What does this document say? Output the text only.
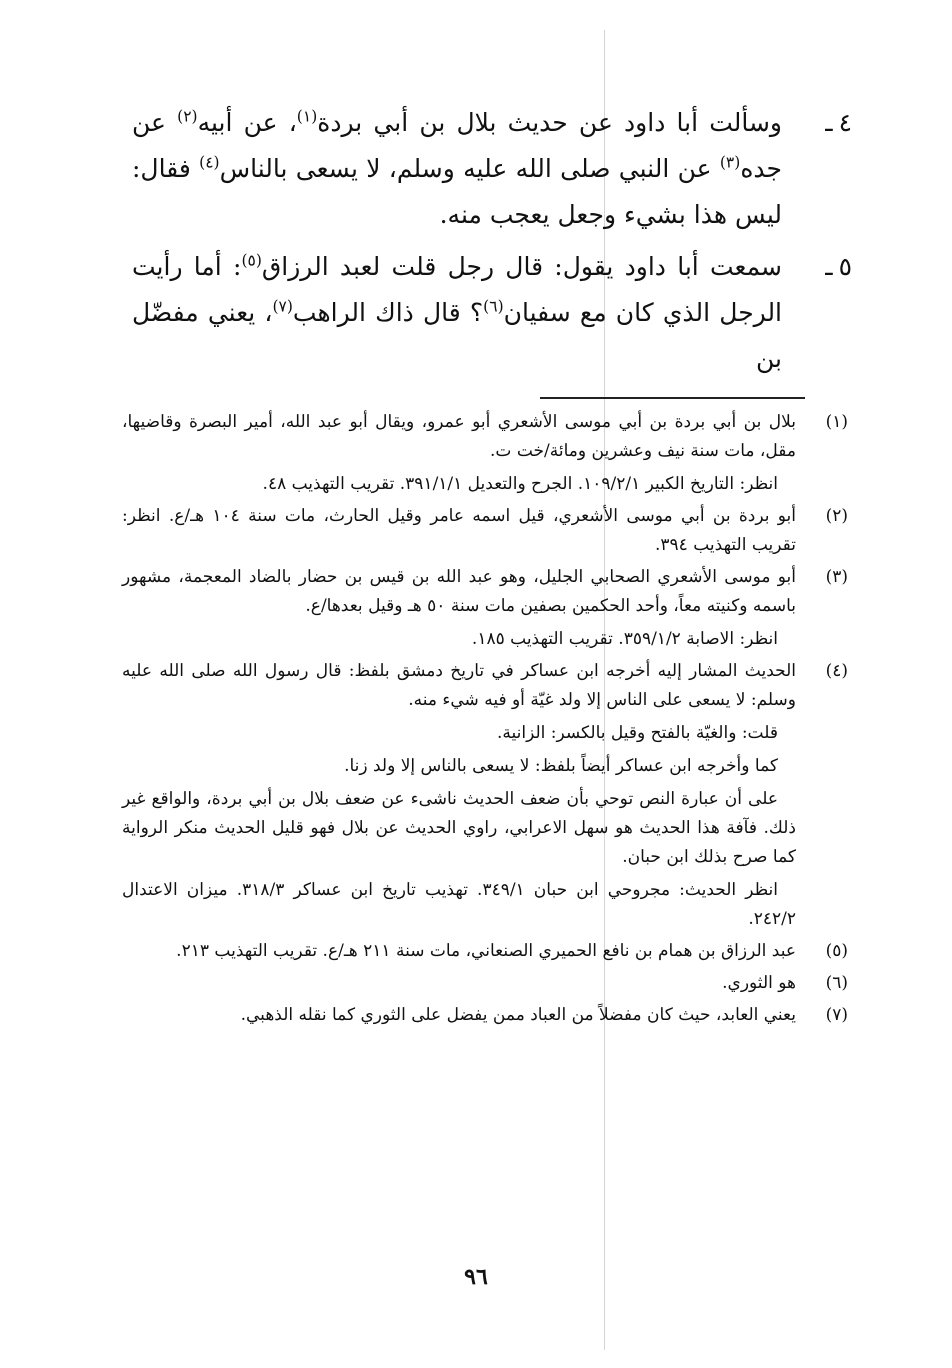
٤ـ
وسألت أبا داود عن حديث بلال بن أبي بردة$^{(١)}$، عن أبيه$^{(٢)}$ عن جده$^{(٣)}$ عن النبي صلى الله عليه وسلم، لا يسعى بالناس$^{(٤)}$ فقال: ليس هذا بشيء وجعل يعجب منه.
٥ـ
سمعت أبا داود يقول: قال رجل قلت لعبد الرزاق$^{(٥)}$: أما رأيت الرجل الذي كان مع سفيان$^{(٦)}$؟ قال ذاك الراهب$^{(٧)}$، يعني مفضّل بن
(١)

بلال بن أبي بردة بن أبي موسى الأشعري أبو عمرو، ويقال أبو عبد الله، أمير البصرة وقاضيها، مقل، مات سنة نيف وعشرين ومائة/خت ت.

انظر: التاريخ الكبير ١٠٩/٢/١. الجرح والتعديل ٣٩١/١/١. تقريب التهذيب ٤٨.

(٢)

أبو بردة بن أبي موسى الأشعري، قيل اسمه عامر وقيل الحارث، مات سنة ١٠٤ هـ/ع. انظر: تقريب التهذيب ٣٩٤.

(٣)

أبو موسى الأشعري الصحابي الجليل، وهو عبد الله بن قيس بن حضار بالضاد المعجمة، مشهور باسمه وكنيته معاً، وأحد الحكمين بصفين مات سنة ٥٠ هـ وقيل بعدها/ع.

انظر: الاصابة ٣٥٩/١/٢. تقريب التهذيب ١٨٥.

(٤)

الحديث المشار إليه أخرجه ابن عساكر في تاريخ دمشق بلفظ: قال رسول الله صلى الله عليه وسلم: لا يسعى على الناس إلا ولد غيّة أو فيه شيء منه.

قلت: والغيّة بالفتح وقيل بالكسر: الزانية.

كما وأخرجه ابن عساكر أيضاً بلفظ: لا يسعى بالناس إلا ولد زنا.

على أن عبارة النص توحي بأن ضعف الحديث ناشىء عن ضعف بلال بن أبي بردة، والواقع غير ذلك. فآفة هذا الحديث هو سهل الاعرابي، راوي الحديث عن بلال فهو قليل الحديث منكر الرواية كما صرح بذلك ابن حبان.

انظر الحديث: مجروحي ابن حبان ٣٤٩/١. تهذيب تاريخ ابن عساكر ٣١٨/٣. ميزان الاعتدال ٢٤٢/٢.

(٥)

عبد الرزاق بن همام بن نافع الحميري الصنعاني، مات سنة ٢١١ هـ/ع. تقريب التهذيب ٢١٣.

(٦)

هو الثوري.

(٧)

يعني العابد، حيث كان مفضلاً من العباد ممن يفضل على الثوري كما نقله الذهبي.

٩٦
